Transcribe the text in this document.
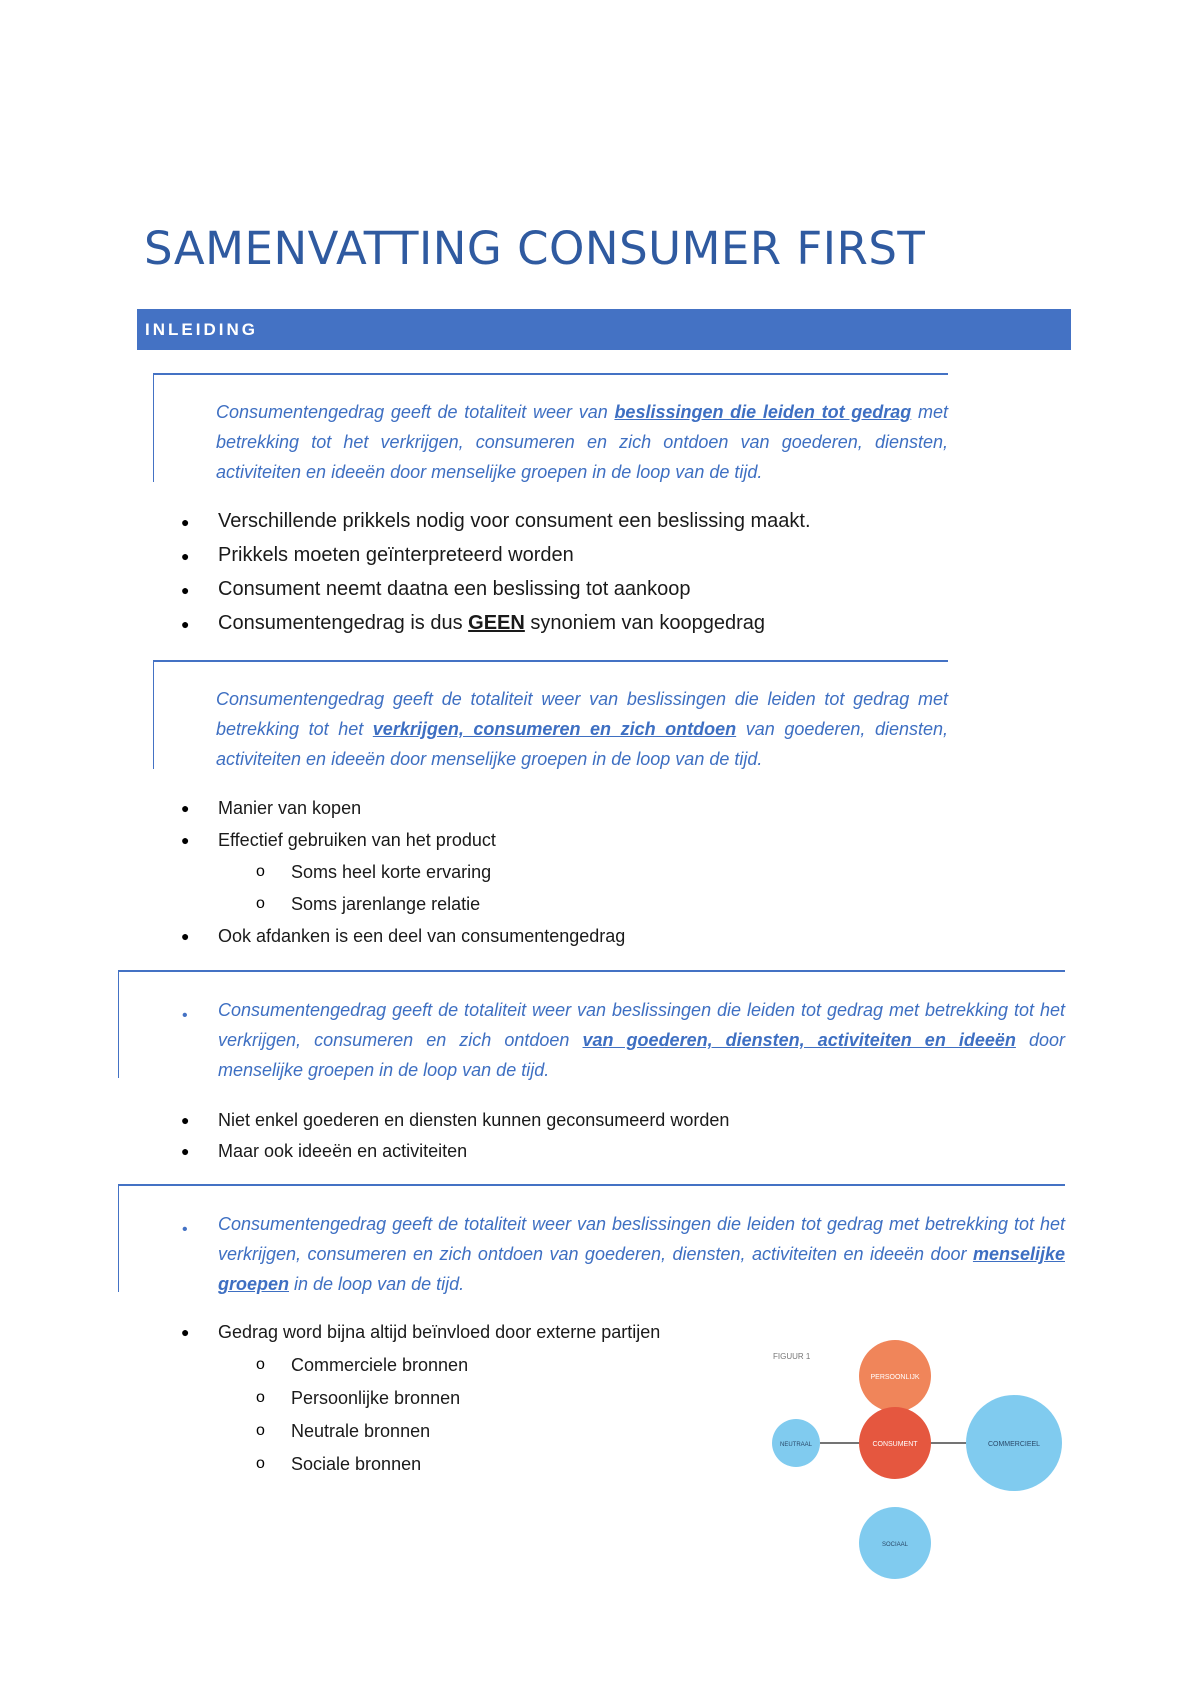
SAMENVATTING CONSUMER FIRST
INLEIDING

Consumentengedrag geeft de totaliteit weer van beslissingen die leiden tot gedrag met betrekking tot het verkrijgen, consumeren en zich ontdoen van goederen, diensten, activiteiten en ideeën door menselijke groepen in de loop van de tijd.

● Verschillende prikkels nodig voor consument een beslissing maakt.
● Prikkels moeten geïnterpreteerd worden
● Consument neemt daatna een beslissing tot aankoop
● Consumentengedrag is dus GEEN synoniem van koopgedrag

Consumentengedrag geeft de totaliteit weer van beslissingen die leiden tot gedrag met betrekking tot het verkrijgen, consumeren en zich ontdoen van goederen, diensten, activiteiten en ideeën door menselijke groepen in de loop van de tijd.

● Manier van kopen
● Effectief gebruiken van het product
o Soms heel korte ervaring
o Soms jarenlange relatie
● Ook afdanken is een deel van consumentengedrag
• Consumentengedrag geeft de totaliteit weer van beslissingen die leiden tot gedrag met betrekking tot het verkrijgen, consumeren en zich ontdoen van goederen, diensten, activiteiten en ideeën door menselijke groepen in de loop van de tijd.

● Niet enkel goederen en diensten kunnen geconsumeerd worden
● Maar ook ideeën en activiteiten
• Consumentengedrag geeft de totaliteit weer van beslissingen die leiden tot gedrag met betrekking tot het verkrijgen, consumeren en zich ontdoen van goederen, diensten, activiteiten en ideeën door menselijke groepen in de loop van de tijd.

● Gedrag word bijna altijd beïnvloed door externe partijen
o Commerciele bronnen
o Persoonlijke bronnen
o Neutrale bronnen
o Sociale bronnen
FIGUUR 1
PERSOONLIJK
CONSUMENT
NEUTRAAL	COMMERCIEEL
SOCIAAL
